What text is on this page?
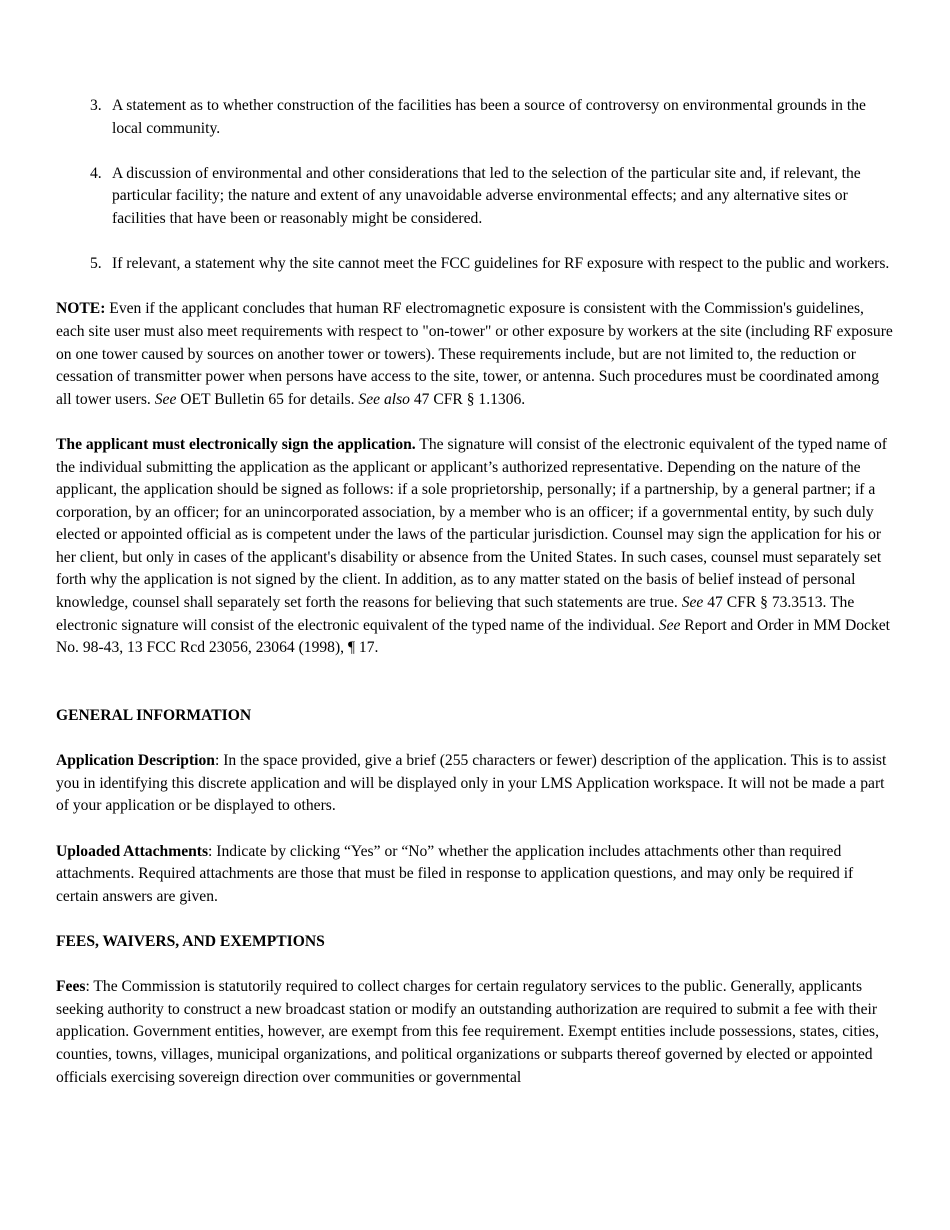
3. A statement as to whether construction of the facilities has been a source of controversy on environmental grounds in the local community.
4. A discussion of environmental and other considerations that led to the selection of the particular site and, if relevant, the particular facility; the nature and extent of any unavoidable adverse environmental effects; and any alternative sites or facilities that have been or reasonably might be considered.
5. If relevant, a statement why the site cannot meet the FCC guidelines for RF exposure with respect to the public and workers.

NOTE: Even if the applicant concludes that human RF electromagnetic exposure is consistent with the Commission's guidelines, each site user must also meet requirements with respect to "on-tower" or other exposure by workers at the site (including RF exposure on one tower caused by sources on another tower or towers). These requirements include, but are not limited to, the reduction or cessation of transmitter power when persons have access to the site, tower, or antenna. Such procedures must be coordinated among all tower users. See OET Bulletin 65 for details. See also 47 CFR § 1.1306.

The applicant must electronically sign the application. The signature will consist of the electronic equivalent of the typed name of the individual submitting the application as the applicant or applicant’s authorized representative. Depending on the nature of the applicant, the application should be signed as follows: if a sole proprietorship, personally; if a partnership, by a general partner; if a corporation, by an officer; for an unincorporated association, by a member who is an officer; if a governmental entity, by such duly elected or appointed official as is competent under the laws of the particular jurisdiction. Counsel may sign the application for his or her client, but only in cases of the applicant's disability or absence from the United States. In such cases, counsel must separately set forth why the application is not signed by the client. In addition, as to any matter stated on the basis of belief instead of personal knowledge, counsel shall separately set forth the reasons for believing that such statements are true. See 47 CFR § 73.3513. The electronic signature will consist of the electronic equivalent of the typed name of the individual. See Report and Order in MM Docket No. 98-43, 13 FCC Rcd 23056, 23064 (1998), ¶ 17.

GENERAL INFORMATION

Application Description: In the space provided, give a brief (255 characters or fewer) description of the application. This is to assist you in identifying this discrete application and will be displayed only in your LMS Application workspace. It will not be made a part of your application or be displayed to others.

Uploaded Attachments: Indicate by clicking “Yes” or “No” whether the application includes attachments other than required attachments. Required attachments are those that must be filed in response to application questions, and may only be required if certain answers are given.

FEES, WAIVERS, AND EXEMPTIONS

Fees: The Commission is statutorily required to collect charges for certain regulatory services to the public. Generally, applicants seeking authority to construct a new broadcast station or modify an outstanding authorization are required to submit a fee with their application. Government entities, however, are exempt from this fee requirement. Exempt entities include possessions, states, cities, counties, towns, villages, municipal organizations, and political organizations or subparts thereof governed by elected or appointed officials exercising sovereign direction over communities or governmental
